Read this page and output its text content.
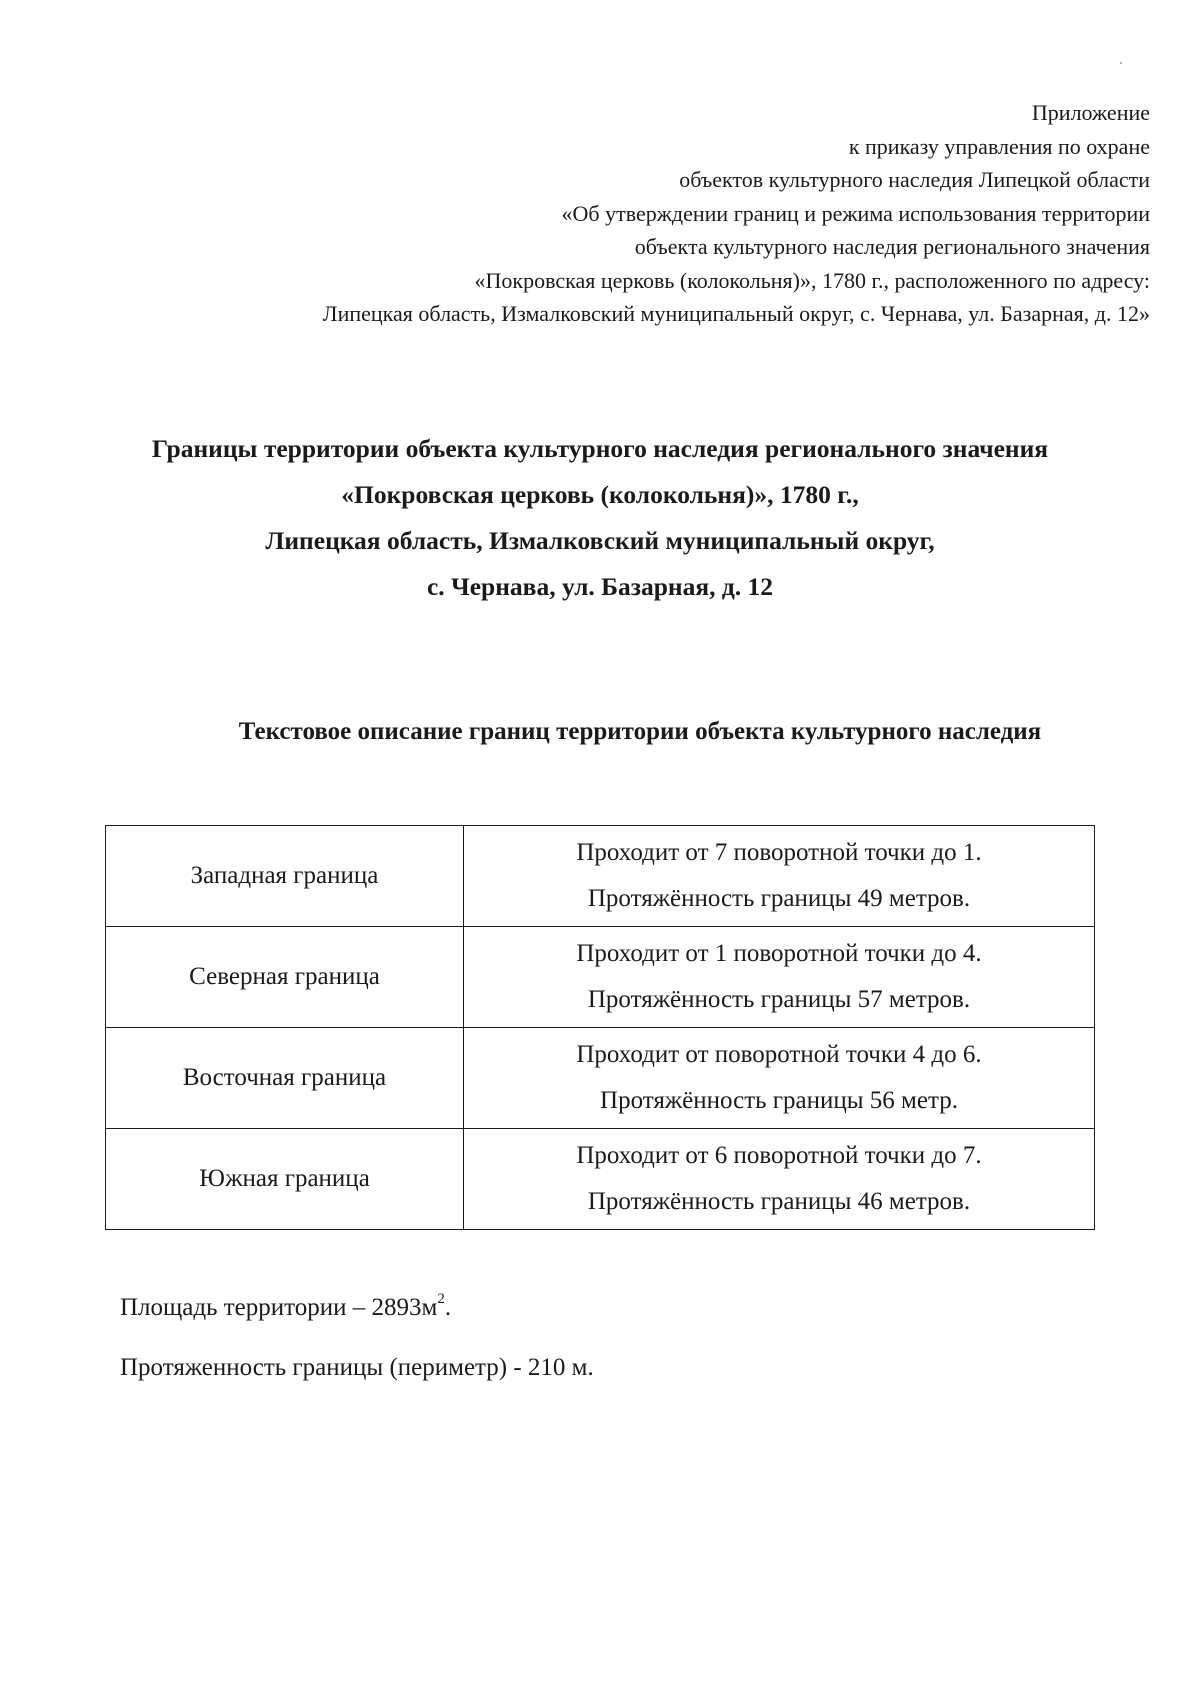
Приложение
к приказу управления по охране
объектов культурного наследия Липецкой области
«Об утверждении границ и режима использования территории
объекта культурного наследия регионального значения
«Покровская церковь (колокольня)», 1780 г., расположенного по адресу:
Липецкая область, Измалковский муниципальный округ, с. Чернава, ул. Базарная, д. 12»
Границы территории объекта культурного наследия регионального значения
«Покровская церковь (колокольня)», 1780 г.,
Липецкая область, Измалковский муниципальный округ,
с. Чернава, ул. Базарная, д. 12
Текстовое описание границ территории объекта культурного наследия
Западная граница	Проходит от 7 поворотной точки до 1.
Протяжённость границы 49 метров.

Северная граница	Проходит от 1 поворотной точки до 4.
Протяжённость границы 57 метров.

Восточная граница	Проходит от поворотной точки 4 до 6.
Протяжённость границы 56 метр.

Южная граница	Проходит от 6 поворотной точки до 7.
Протяжённость границы 46 метров.
Площадь территории – $2893м^2$.
Протяженность границы (периметр) - 210 м.
